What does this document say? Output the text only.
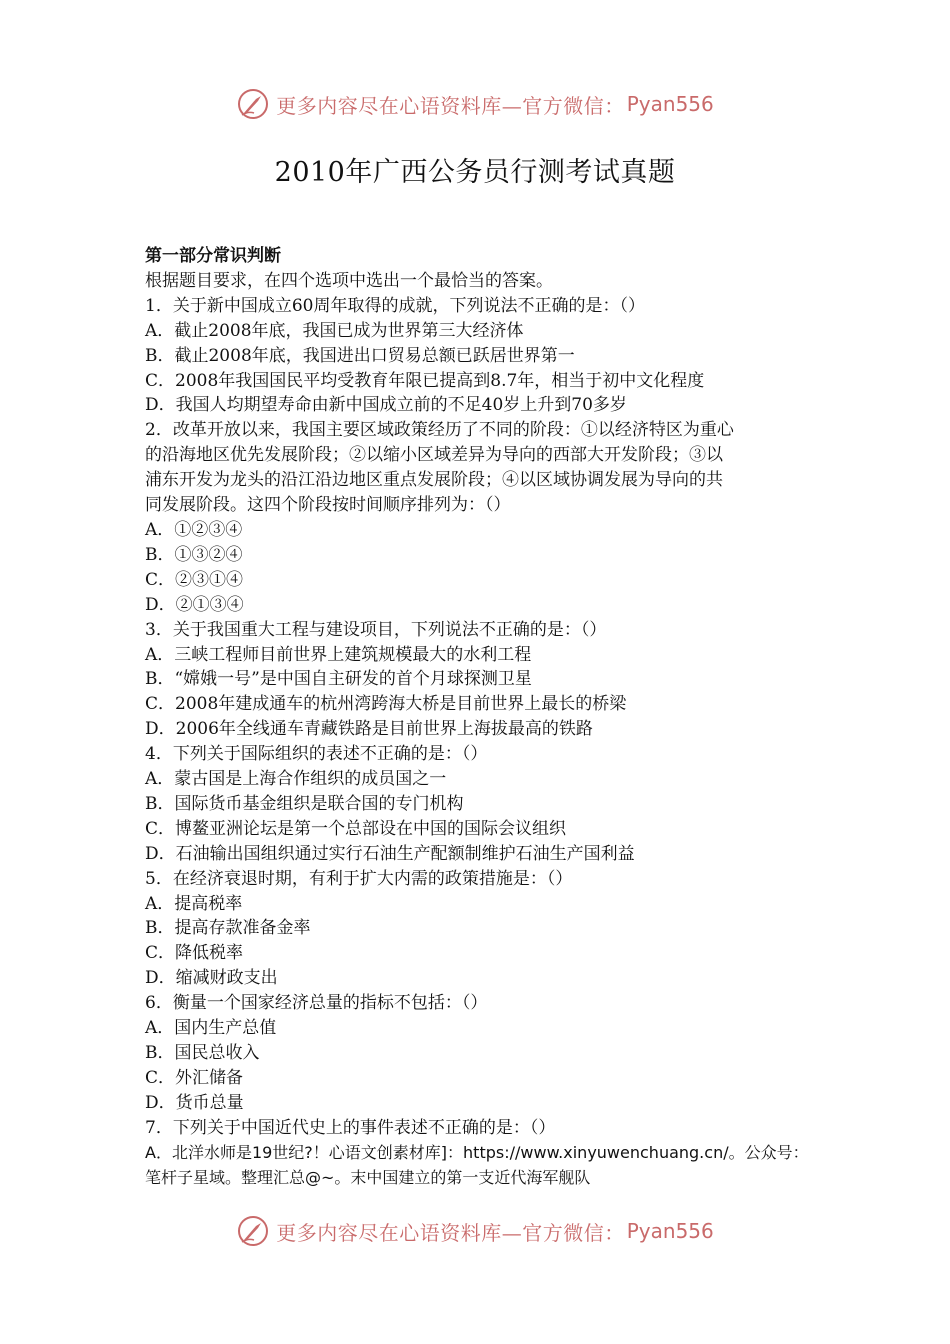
更多内容尽在心语资料库—官方微信： Pyan556
2010年广西公务员行测考试真题
第一部分常识判断
根据题目要求，在四个选项中选出一个最恰当的答案。
1．关于新中国成立60周年取得的成就，下列说法不正确的是：（）
A．截止2008年底，我国已成为世界第三大经济体
B．截止2008年底，我国进出口贸易总额已跃居世界第一
C．2008年我国国民平均受教育年限已提高到8.7年，相当于初中文化程度
D．我国人均期望寿命由新中国成立前的不足40岁上升到70多岁
2．改革开放以来，我国主要区域政策经历了不同的阶段：①以经济特区为重心
的沿海地区优先发展阶段；②以缩小区域差异为导向的西部大开发阶段；③以
浦东开发为龙头的沿江沿边地区重点发展阶段；④以区域协调发展为导向的共
同发展阶段。这四个阶段按时间顺序排列为：（）
A．①②③④
B．①③②④
C．②③①④
D．②①③④
3．关于我国重大工程与建设项目，下列说法不正确的是：（）
A．三峡工程师目前世界上建筑规模最大的水利工程
B．“嫦娥一号”是中国自主研发的首个月球探测卫星
C．2008年建成通车的杭州湾跨海大桥是目前世界上最长的桥梁
D．2006年全线通车青藏铁路是目前世界上海拔最高的铁路
4．下列关于国际组织的表述不正确的是：（）
A．蒙古国是上海合作组织的成员国之一
B．国际货币基金组织是联合国的专门机构
C．博鳌亚洲论坛是第一个总部设在中国的国际会议组织
D．石油输出国组织通过实行石油生产配额制维护石油生产国利益
5．在经济衰退时期，有利于扩大内需的政策措施是：（）
A．提高税率
B．提高存款准备金率
C．降低税率
D．缩减财政支出
6．衡量一个国家经济总量的指标不包括：（）
A．国内生产总值
B．国民总收入
C．外汇储备
D．货币总量
7．下列关于中国近代史上的事件表述不正确的是：（）
A．北洋水师是19世纪?！心语文创素材库]：https://www.xinyuwenchuang.cn/。公众号：笔杆子星域。整理汇总@~。末中国建立的第一支近代海军舰队
更多内容尽在心语资料库—官方微信： Pyan556
